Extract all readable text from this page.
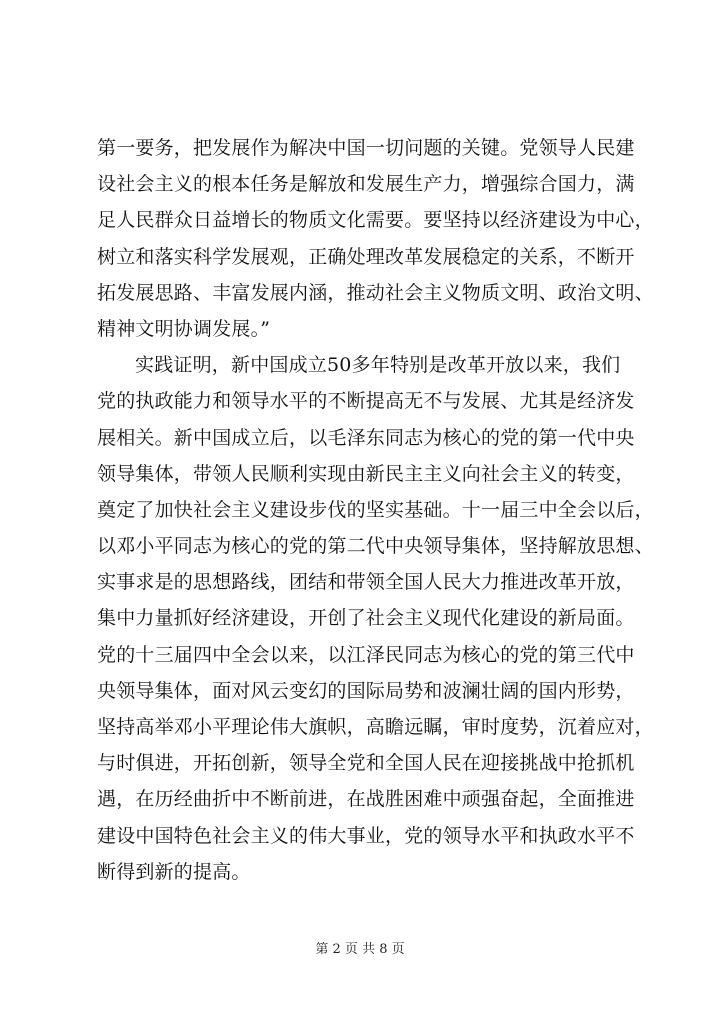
第一要务，把发展作为解决中国一切问题的关键。党领导人民建
设社会主义的根本任务是解放和发展生产力，增强综合国力，满
足人民群众日益增长的物质文化需要。要坚持以经济建设为中心，
树立和落实科学发展观，正确处理改革发展稳定的关系，不断开
拓发展思路、丰富发展内涵，推动社会主义物质文明、政治文明、
精神文明协调发展。”
实践证明，新中国成立50多年特别是改革开放以来，我们
党的执政能力和领导水平的不断提高无不与发展、尤其是经济发
展相关。新中国成立后，以毛泽东同志为核心的党的第一代中央
领导集体，带领人民顺利实现由新民主主义向社会主义的转变，
奠定了加快社会主义建设步伐的坚实基础。十一届三中全会以后，
以邓小平同志为核心的党的第二代中央领导集体，坚持解放思想、
实事求是的思想路线，团结和带领全国人民大力推进改革开放，
集中力量抓好经济建设，开创了社会主义现代化建设的新局面。
党的十三届四中全会以来，以江泽民同志为核心的党的第三代中
央领导集体，面对风云变幻的国际局势和波澜壮阔的国内形势，
坚持高举邓小平理论伟大旗帜，高瞻远瞩，审时度势，沉着应对，
与时俱进，开拓创新，领导全党和全国人民在迎接挑战中抢抓机
遇，在历经曲折中不断前进，在战胜困难中顽强奋起，全面推进
建设中国特色社会主义的伟大事业，党的领导水平和执政水平不
断得到新的提高。
第 2 页 共 8 页
